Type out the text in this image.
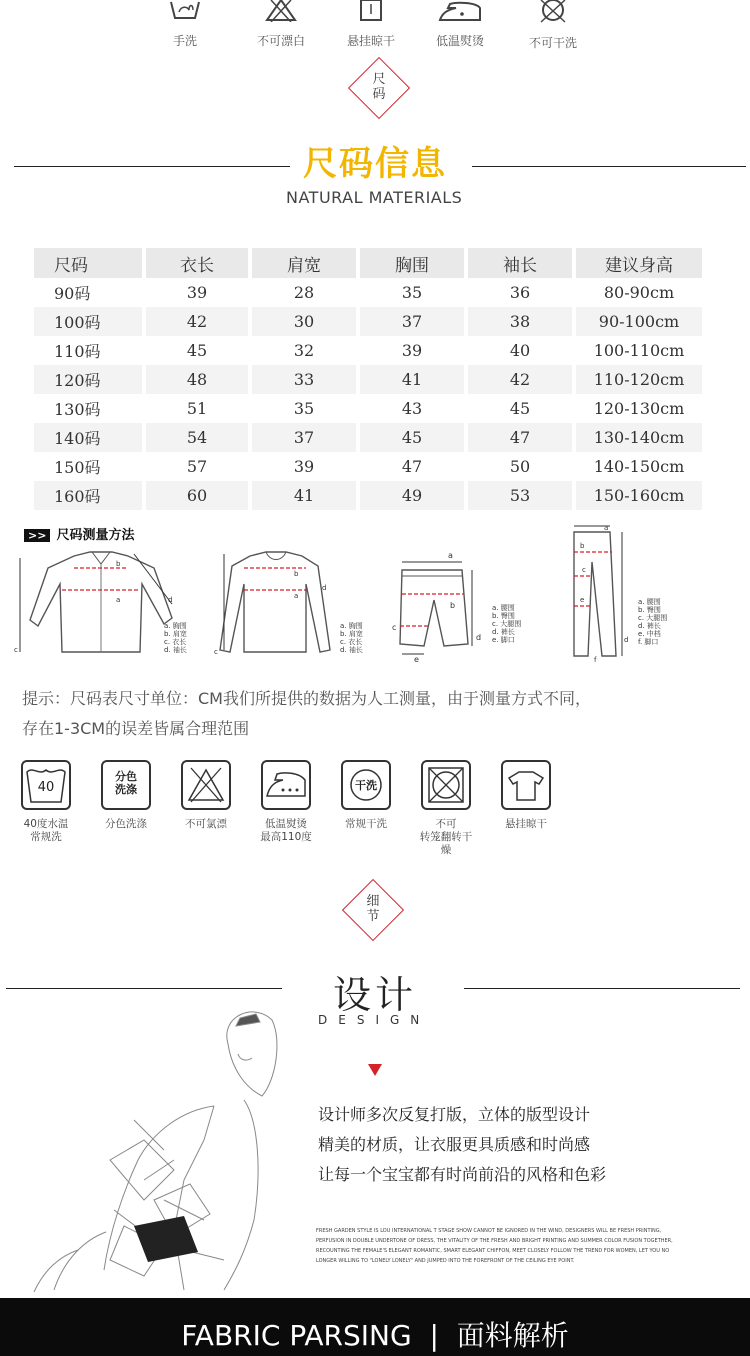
手洗	不可漂白	悬挂晾干	低温熨烫	不可干洗
尺码
尺码信息
NATURAL MATERIALS
尺码	衣长	肩宽	胸围	袖长	建议身高
90码	39	28	35	36	80-90cm
100码	42	30	37	38	90-100cm
110码	45	32	39	40	100-110cm
120码	48	33	41	42	110-120cm
130码	51	35	43	45	120-130cm
140码	54	37	45	47	130-140cm
150码	57	39	47	50	140-150cm
160码	60	41	49	53	150-160cm
>> 尺码测量方法
b
a
c
d
a. 胸围
b. 肩宽
c. 衣长
d. 袖长
b
a
c
d
a. 胸围
b. 肩宽
c. 衣长
d. 袖长
a
b
c
d
e
a. 腰围
b. 臀围
c. 大腿围
d. 裤长
e. 脚口
a
b
c
e
d
f
a. 腰围
b. 臀围
c. 大腿围
d. 裤长
e. 中档
f. 脚口
提示：尺码表尺寸单位：CM我们所提供的数据为人工测量，由于测量方式不同，
存在1-3CM的误差皆属合理范围
40
40度水温
常规洗
分色
洗涤
分色洗涤	不可氯漂	低温熨烫
最高110度
干洗
常规干洗	不可
转笼翻转干燥
悬挂晾干
细节
设计
DESIGN
设计师多次反复打版，立体的版型设计
精美的材质，让衣服更具质感和时尚感
让每一个宝宝都有时尚前沿的风格和色彩
FRESH GARDEN STYLE IS LOU INTERNATIONAL T STAGE SHOW CANNOT BE IGNORED IN THE WIND, DESIGNERS WILL BE FRESH PRINTING, PERFUSION IN DOUBLE UNDERTONE OF DRESS, THE VITALITY OF THE FRESH AND BRIGHT PRINTING AND SUMMER COLOR FUSION TOGETHER, RECOUNTING THE FEMALE'S ELEGANT ROMANTIC, SMART ELEGANT CHIFFON, MEET CLOSELY FOLLOW THE TREND FOR WOMEN, LET YOU NO LONGER WILLING TO "LONELY LONELY" AND JUMPED INTO THE FOREFRONT OF THE CEILING EYE POINT.
FABRIC PARSING  |  面料解析
